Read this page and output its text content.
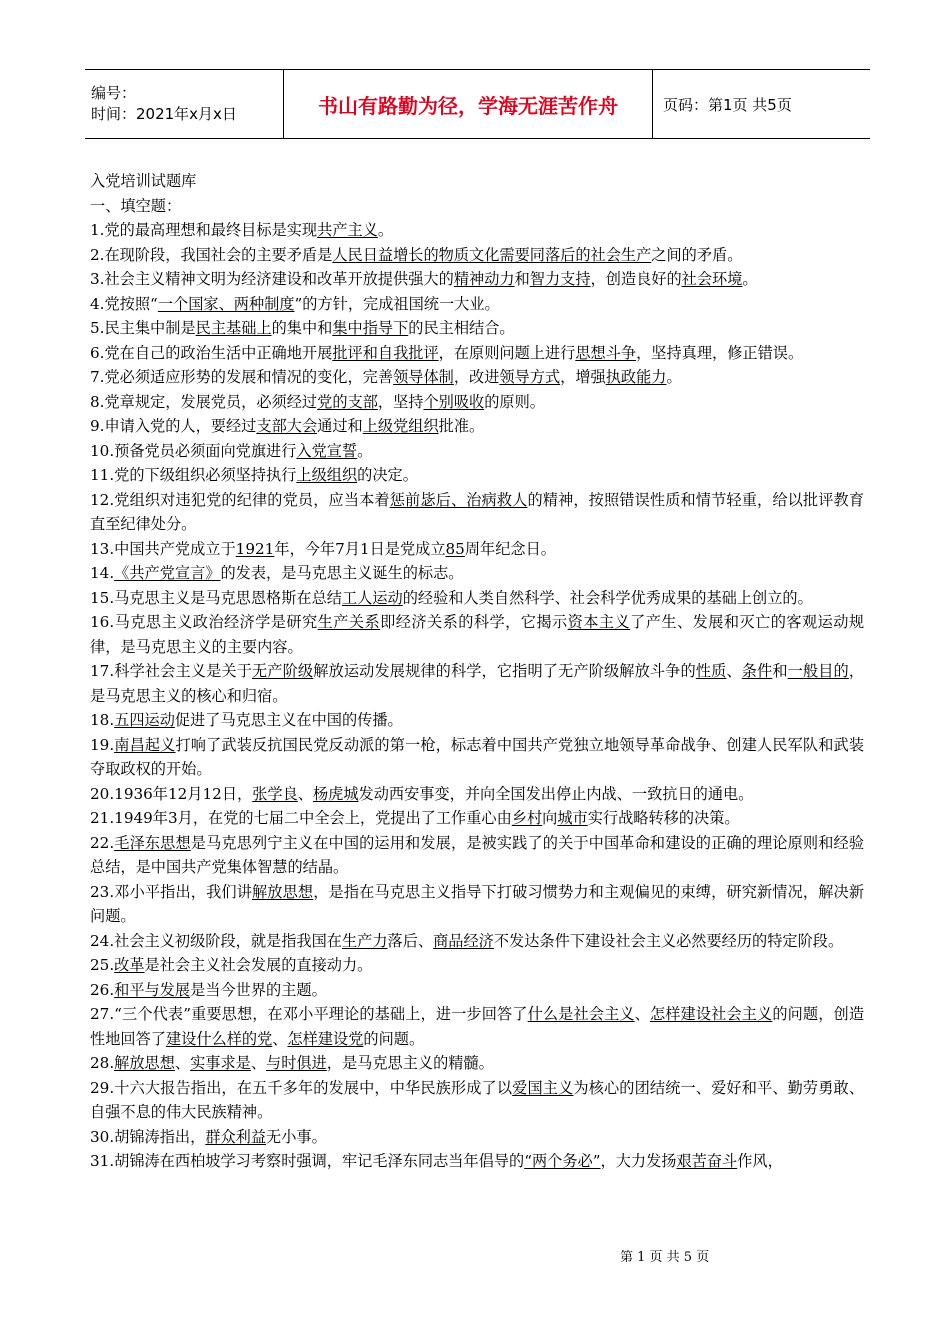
编号：
时间：2021年x月x日	书山有路勤为径，学海无涯苦作舟	页码：第1页 共5页

入党培训试题库

一、填空题：

1.党的最高理想和最终目标是实现共产主义。

2.在现阶段，我国社会的主要矛盾是人民日益增长的物质文化需要同落后的社会生产之间的矛盾。

3.社会主义精神文明为经济建设和改革开放提供强大的精神动力和智力支持，创造良好的社会环境。

4.党按照“一个国家、两种制度”的方针，完成祖国统一大业。

5.民主集中制是民主基础上的集中和集中指导下的民主相结合。

6.党在自己的政治生活中正确地开展批评和自我批评，在原则问题上进行思想斗争，坚持真理，修正错误。

7.党必须适应形势的发展和情况的变化，完善领导体制，改进领导方式，增强执政能力。

8.党章规定，发展党员，必须经过党的支部，坚持个别吸收的原则。

9.申请入党的人，要经过支部大会通过和上级党组织批准。

10.预备党员必须面向党旗进行入党宣誓。

11.党的下级组织必须坚持执行上级组织的决定。

12.党组织对违犯党的纪律的党员，应当本着惩前毖后、治病救人的精神，按照错误性质和情节轻重，给以批评教育直至纪律处分。

13.中国共产党成立于1921年，今年7月1日是党成立85周年纪念日。

14.《共产党宣言》的发表，是马克思主义诞生的标志。

15.马克思主义是马克思恩格斯在总结工人运动的经验和人类自然科学、社会科学优秀成果的基础上创立的。

16.马克思主义政治经济学是研究生产关系即经济关系的科学，它揭示资本主义了产生、发展和灭亡的客观运动规律，是马克思主义的主要内容。

17.科学社会主义是关于无产阶级解放运动发展规律的科学，它指明了无产阶级解放斗争的性质、条件和一般目的，是马克思主义的核心和归宿。

18.五四运动促进了马克思主义在中国的传播。

19.南昌起义打响了武装反抗国民党反动派的第一枪，标志着中国共产党独立地领导革命战争、创建人民军队和武装夺取政权的开始。

20.1936年12月12日，张学良、杨虎城发动西安事变，并向全国发出停止内战、一致抗日的通电。

21.1949年3月，在党的七届二中全会上，党提出了工作重心由乡村向城市实行战略转移的决策。

22.毛泽东思想是马克思列宁主义在中国的运用和发展，是被实践了的关于中国革命和建设的正确的理论原则和经验总结，是中国共产党集体智慧的结晶。

23.邓小平指出，我们讲解放思想，是指在马克思主义指导下打破习惯势力和主观偏见的束缚，研究新情况，解决新问题。

24.社会主义初级阶段，就是指我国在生产力落后、商品经济不发达条件下建设社会主义必然要经历的特定阶段。

25.改革是社会主义社会发展的直接动力。

26.和平与发展是当今世界的主题。

27.“三个代表”重要思想，在邓小平理论的基础上，进一步回答了什么是社会主义、怎样建设社会主义的问题，创造性地回答了建设什么样的党、怎样建设党的问题。

28.解放思想、实事求是、与时俱进，是马克思主义的精髓。

29.十六大报告指出，在五千多年的发展中，中华民族形成了以爱国主义为核心的团结统一、爱好和平、勤劳勇敢、自强不息的伟大民族精神。

30.胡锦涛指出，群众利益无小事。

31.胡锦涛在西柏坡学习考察时强调，牢记毛泽东同志当年倡导的“两个务必”，大力发扬艰苦奋斗作风，

第 1 页 共 5 页
